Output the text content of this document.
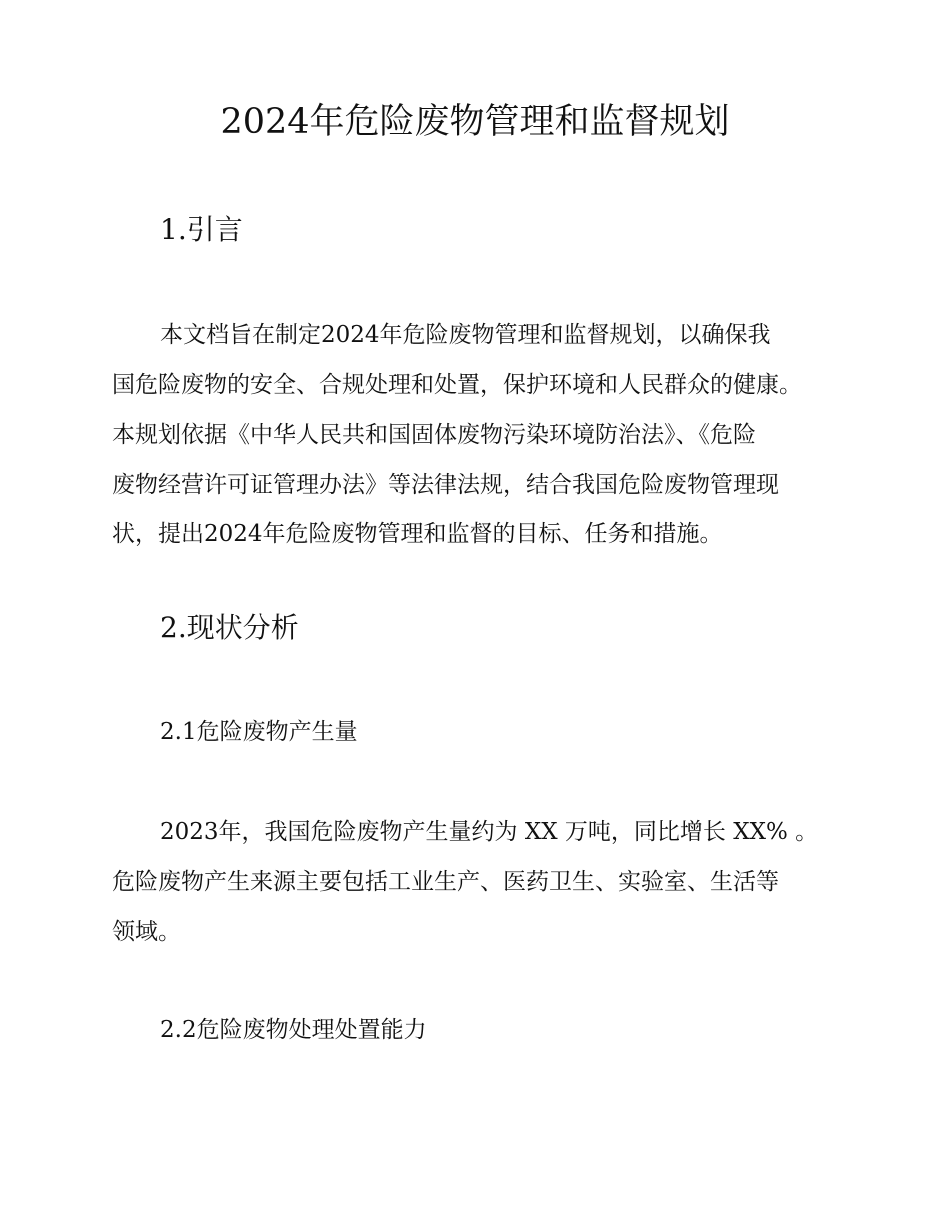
2024年危险废物管理和监督规划
1.引言
本文档旨在制定2024年危险废物管理和监督规划，以确保我
国危险废物的安全、合规处理和处置，保护环境和人民群众的健康。
本规划依据《中华人民共和国固体废物污染环境防治法》、《危险
废物经营许可证管理办法》等法律法规，结合我国危险废物管理现
状，提出2024年危险废物管理和监督的目标、任务和措施。
2.现状分析
2.1危险废物产生量
2023年，我国危险废物产生量约为 XX 万吨，同比增长 XX% 。
危险废物产生来源主要包括工业生产、医药卫生、实验室、生活等
领域。
2.2危险废物处理处置能力
